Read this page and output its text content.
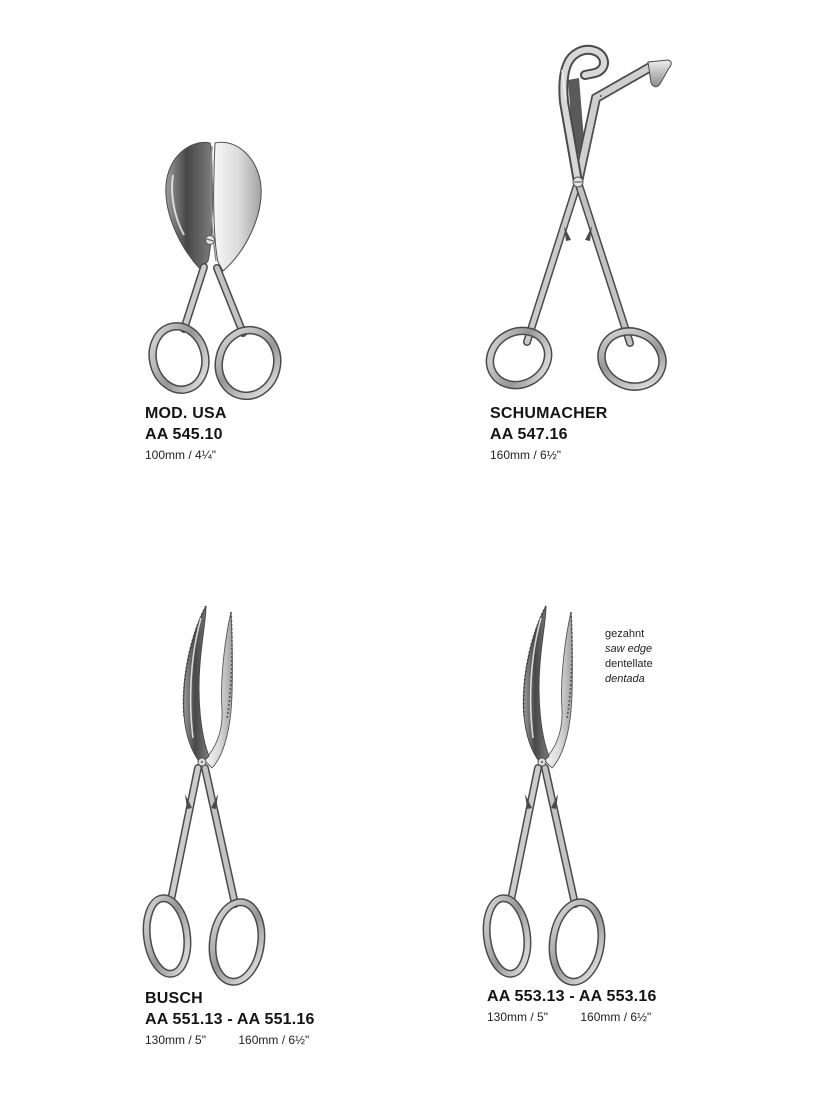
MOD. USA
AA 545.10
100mm / 4¼"
SCHUMACHER
AA 547.16
160mm / 6½"
BUSCH
AA 551.13 - AA 551.16
130mm / 5"	160mm / 6½"
gezahnt
saw edge
dentellate
dentada
AA 553.13 - AA 553.16
130mm / 5"	160mm / 6½"
